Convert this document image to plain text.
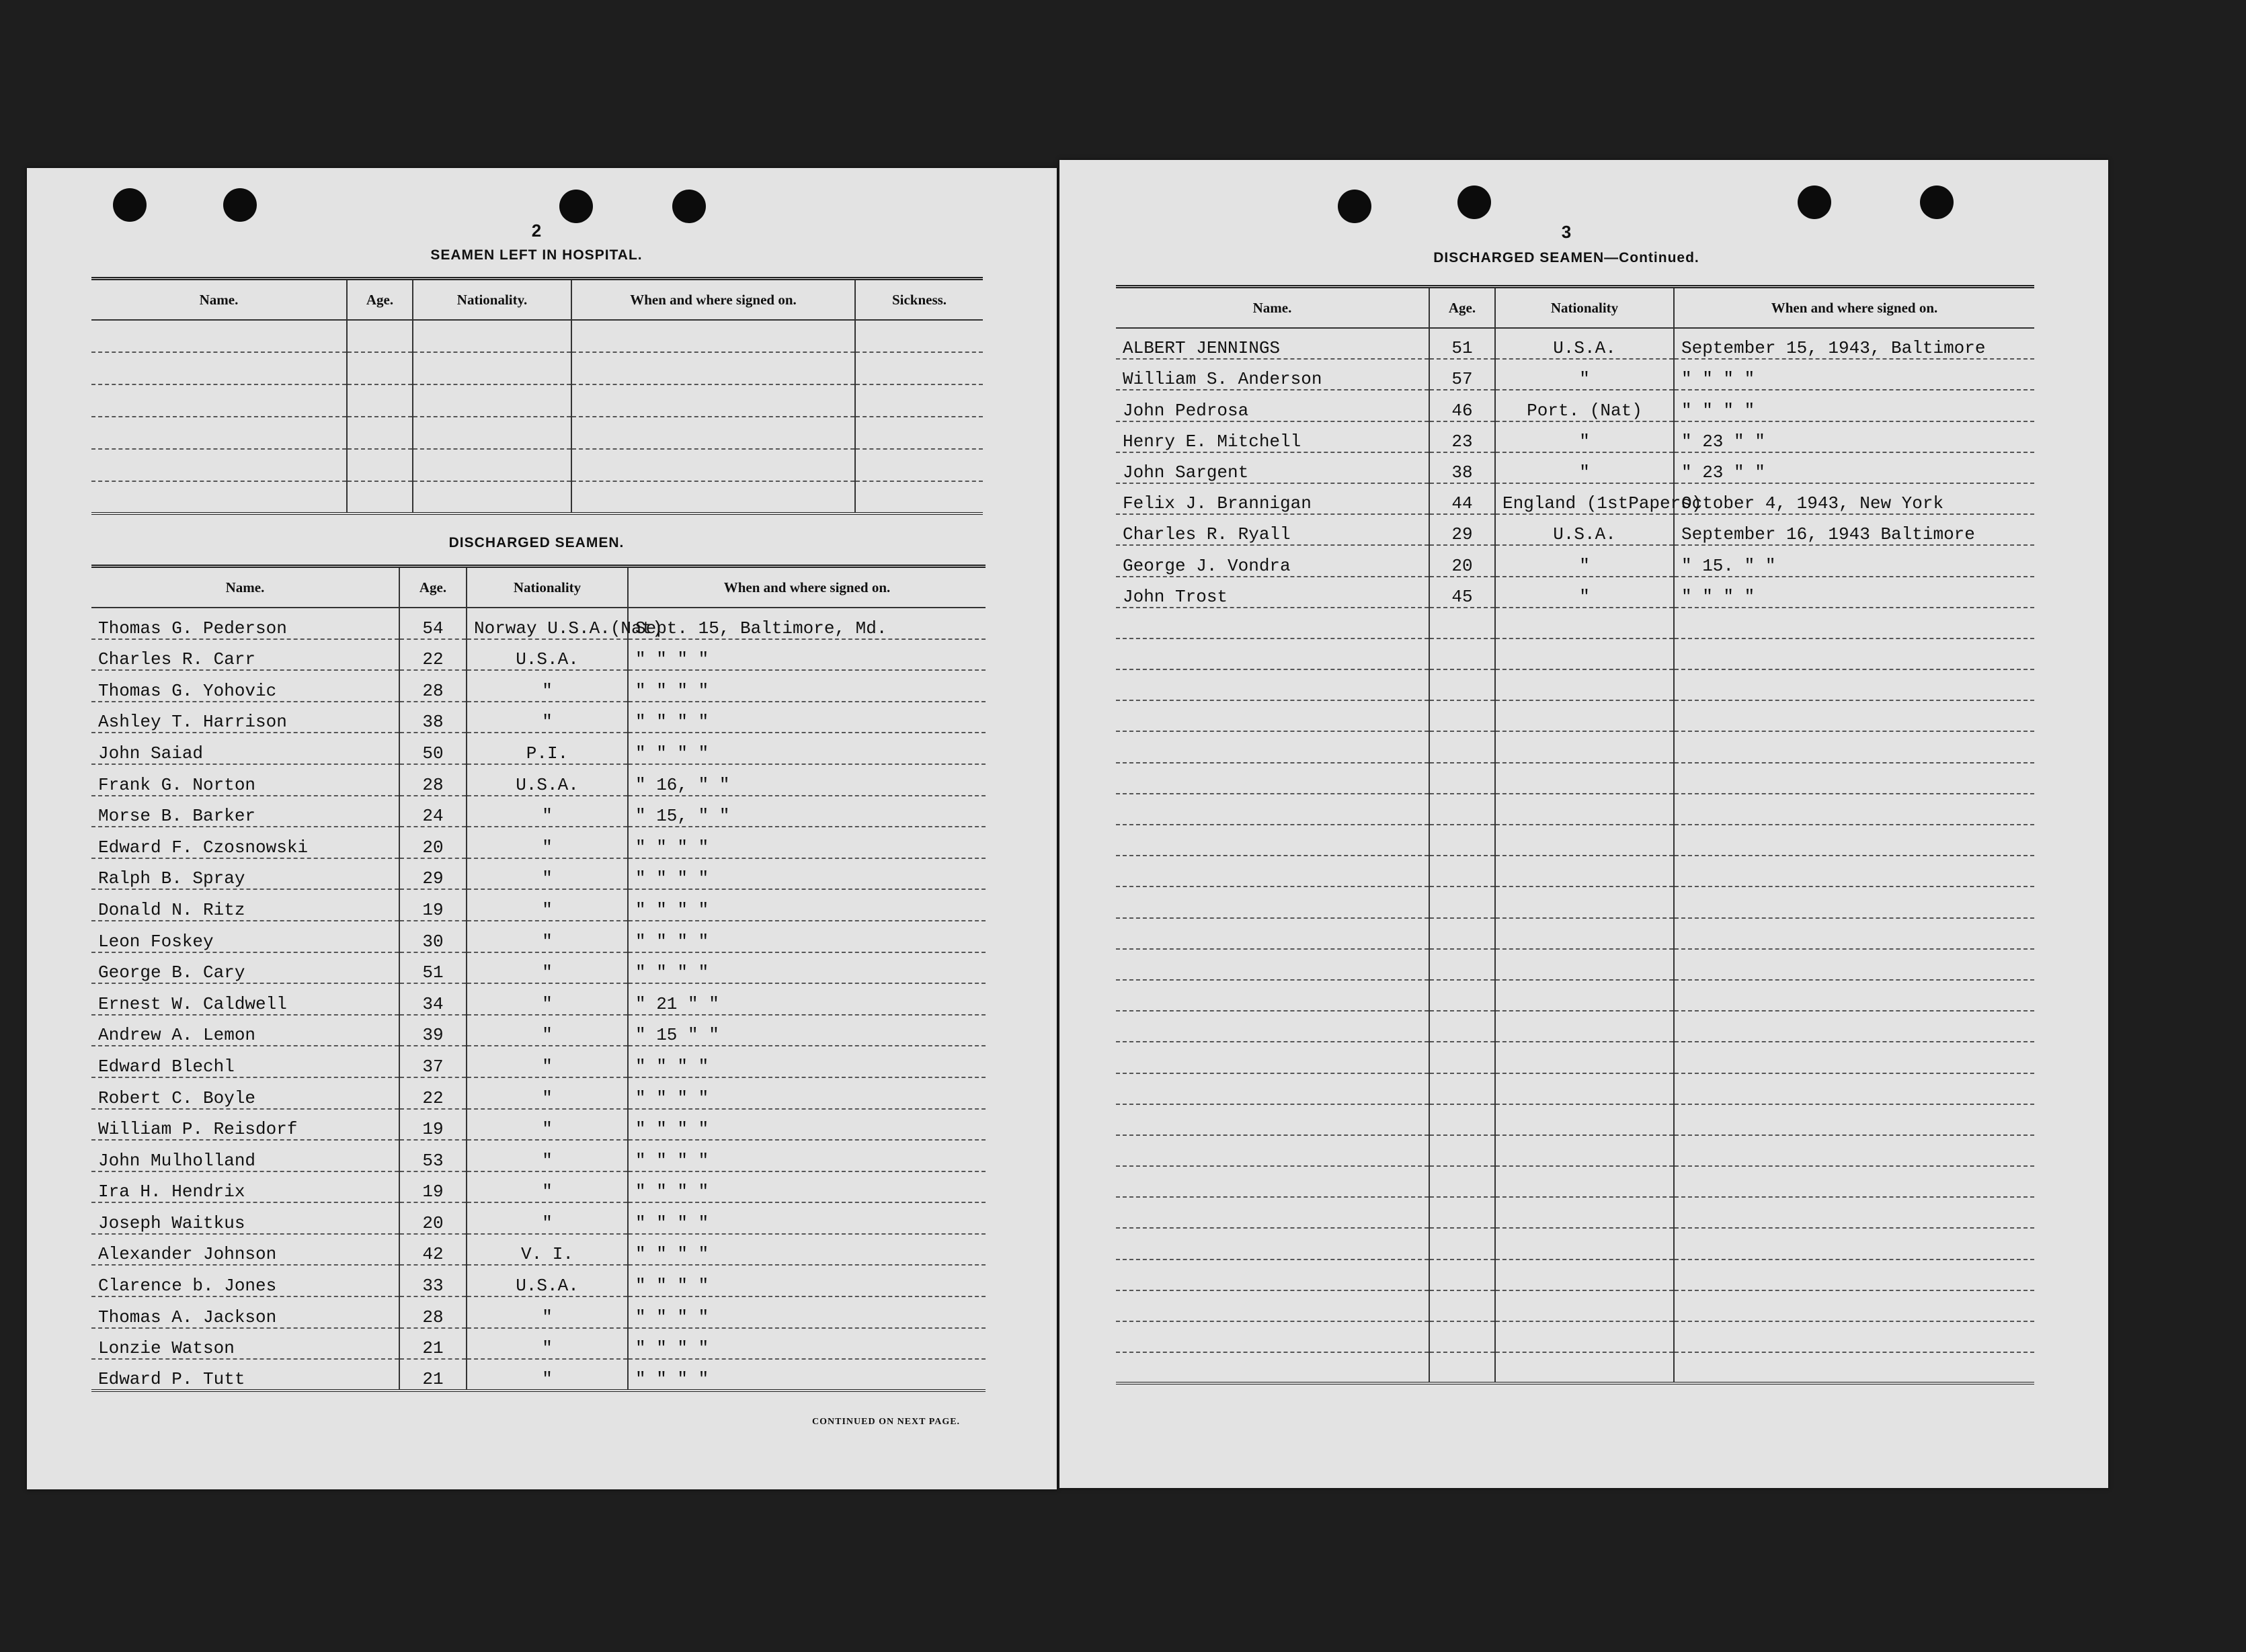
2
SEAMEN LEFT IN HOSPITAL.
Name.	Age.	Nationality.	When and where signed on.	Sickness.

DISCHARGED SEAMEN.
Name.	Age.	Nationality	When and where signed on.
Thomas G. Pederson	54	Norway U.S.A.(Nat)	Sept. 15, Baltimore, Md.
Charles R. Carr	22	U.S.A.	" " " "
Thomas G. Yohovic	28	"	" " " "
Ashley T. Harrison	38	"	" " " "
John Saiad	50	P.I.	" " " "
Frank G. Norton	28	U.S.A.	" 16, " "
Morse B. Barker	24	"	" 15, " "
Edward F. Czosnowski	20	"	" " " "
Ralph B. Spray	29	"	" " " "
Donald N. Ritz	19	"	" " " "
Leon Foskey	30	"	" " " "
George B. Cary	51	"	" " " "
Ernest W. Caldwell	34	"	" 21 " "
Andrew A. Lemon	39	"	" 15 " "
Edward Blechl	37	"	" " " "
Robert C. Boyle	22	"	" " " "
William P. Reisdorf	19	"	" " " "
John Mulholland	53	"	" " " "
Ira H. Hendrix	19	"	" " " "
Joseph Waitkus	20	"	" " " "
Alexander Johnson	42	V. I.	" " " "
Clarence b. Jones	33	U.S.A.	" " " "
Thomas A. Jackson	28	"	" " " "
Lonzie Watson	21	"	" " " "
Edward P. Tutt	21	"	" " " "
CONTINUED ON NEXT PAGE.
3
DISCHARGED SEAMEN—Continued.
Name.	Age.	Nationality	When and where signed on.
ALBERT JENNINGS	51	U.S.A.	September 15, 1943, Baltimore
William S. Anderson	57	"	" " " "
John Pedrosa	46	Port. (Nat)	" " " "
Henry E. Mitchell	23	"	" 23 " "
John Sargent	38	"	" 23 " "
Felix J. Brannigan	44	England (1stPapers)	October 4, 1943, New York
Charles R. Ryall	29	U.S.A.	September 16, 1943 Baltimore
George J. Vondra	20	"	" 15. " "
John Trost	45	"	" " " "
